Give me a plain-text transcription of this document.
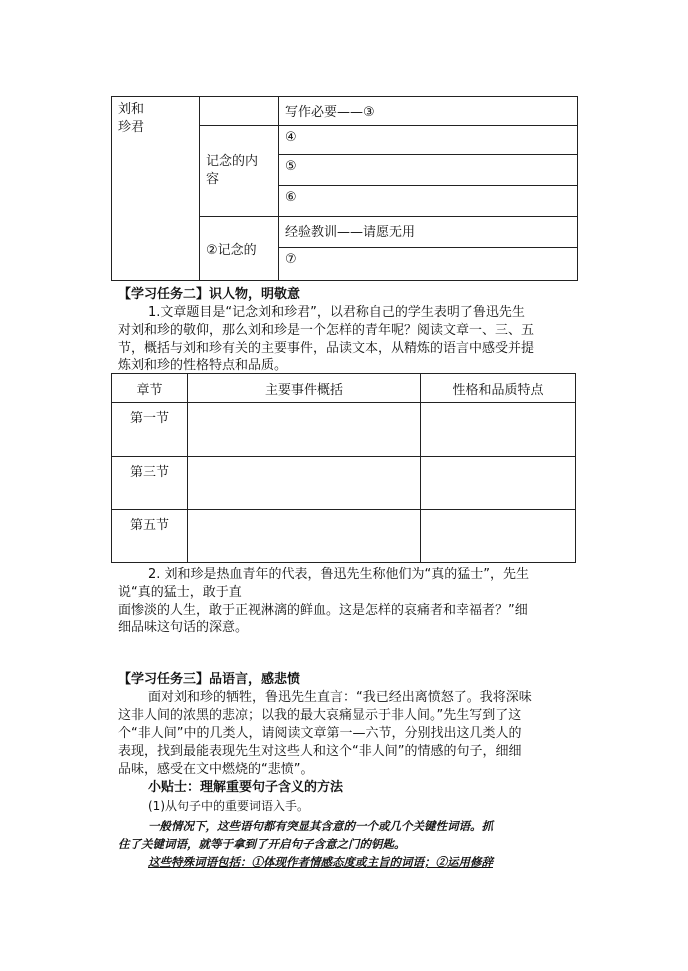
刘和
珍君		写作必要——③

	记念的内容	④
		⑤
		⑥
	②记念的	经验教训——请愿无用
		⑦
【学习任务二】识人物，明敬意
1.文章题目是“记念刘和珍君”，以君称自己的学生表明了鲁迅先生
对刘和珍的敬仰，那么刘和珍是一个怎样的青年呢？阅读文章一、三、五
节，概括与刘和珍有关的主要事件，品读文本，从精炼的语言中感受并提
炼刘和珍的性格特点和品质。
章节	主要事件概括	性格和品质特点
第一节		
第三节		
第五节		
2. 刘和珍是热血青年的代表，鲁迅先生称他们为“真的猛士”，先生
说“真的猛士，敢于直
面惨淡的人生，敢于正视淋漓的鲜血。这是怎样的哀痛者和幸福者？”细
细品味这句话的深意。
【学习任务三】品语言，感悲愤
面对刘和珍的牺牲，鲁迅先生直言：“我已经出离愤怒了。我将深味
这非人间的浓黑的悲凉；以我的最大哀痛显示于非人间。”先生写到了这
个“非人间”中的几类人，请阅读文章第一—六节，分别找出这几类人的
表现，找到最能表现先生对这些人和这个“非人间”的情感的句子，细细
品味，感受在文中燃烧的“悲愤”。
小贴士：理解重要句子含义的方法
(1)从句子中的重要词语入手。
一般情况下，这些语句都有突显其含意的一个或几个关键性词语。抓
住了关键词语，就等于拿到了开启句子含意之门的钥匙。
这些特殊词语包括：①体现作者情感态度或主旨的词语；②运用修辞
